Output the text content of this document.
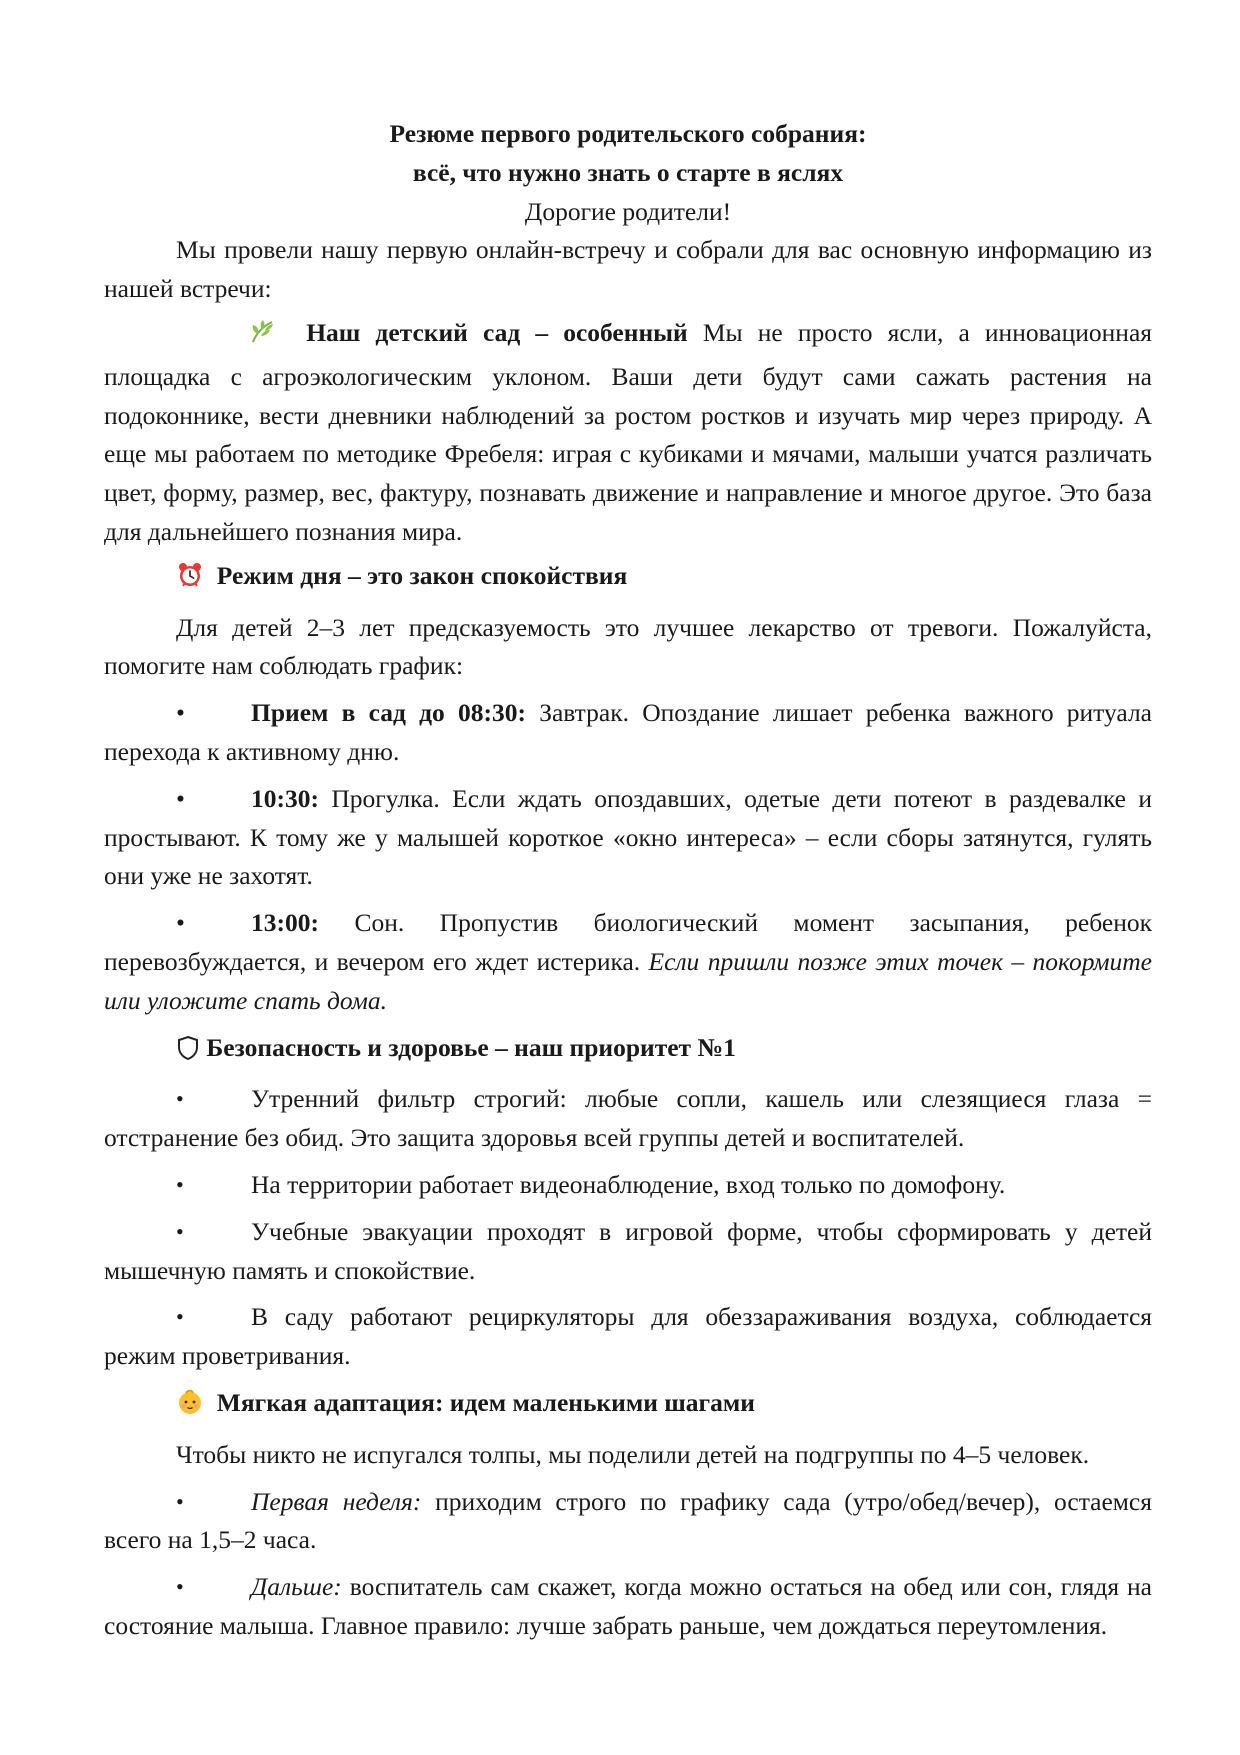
Резюме первого родительского собрания:

всё, что нужно знать о старте в яслях

Дорогие родители!

Мы провели нашу первую онлайн-встречу и собрали для вас основную информацию из нашей встречи:

Наш детский сад – особенный Мы не просто ясли, а инновационная площадка с агроэкологическим уклоном. Ваши дети будут сами сажать растения на подоконнике, вести дневники наблюдений за ростом ростков и изучать мир через природу. А еще мы работаем по методике Фребеля: играя с кубиками и мячами, малыши учатся различать цвет, форму, размер, вес, фактуру, познавать движение и направление и многое другое. Это база для дальнейшего познания мира.

Режим дня – это закон спокойствия

Для детей 2–3 лет предсказуемость это лучшее лекарство от тревоги. Пожалуйста, помогите нам соблюдать график:

•	Прием в сад до 08:30: Завтрак. Опоздание лишает ребенка важного ритуала перехода к активному дню.

•	10:30: Прогулка. Если ждать опоздавших, одетые дети потеют в раздевалке и простывают. К тому же у малышей короткое «окно интереса» – если сборы затянутся, гулять они уже не захотят.

•	13:00: Сон. Пропустив биологический момент засыпания, ребенок перевозбуждается, и вечером его ждет истерика. Если пришли позже этих точек – покормите или уложите спать дома.

Безопасность и здоровье – наш приоритет №1

•	Утренний фильтр строгий: любые сопли, кашель или слезящиеся глаза = отстранение без обид. Это защита здоровья всей группы детей и воспитателей.

•	На территории работает видеонаблюдение, вход только по домофону.

•	Учебные эвакуации проходят в игровой форме, чтобы сформировать у детей мышечную память и спокойствие.

•	В саду работают рециркуляторы для обеззараживания воздуха, соблюдается режим проветривания.

Мягкая адаптация: идем маленькими шагами

Чтобы никто не испугался толпы, мы поделили детей на подгруппы по 4–5 человек.

•	Первая неделя: приходим строго по графику сада (утро/обед/вечер), остаемся всего на 1,5–2 часа.

•	Дальше: воспитатель сам скажет, когда можно остаться на обед или сон, глядя на состояние малыша. Главное правило: лучше забрать раньше, чем дождаться переутомления.
